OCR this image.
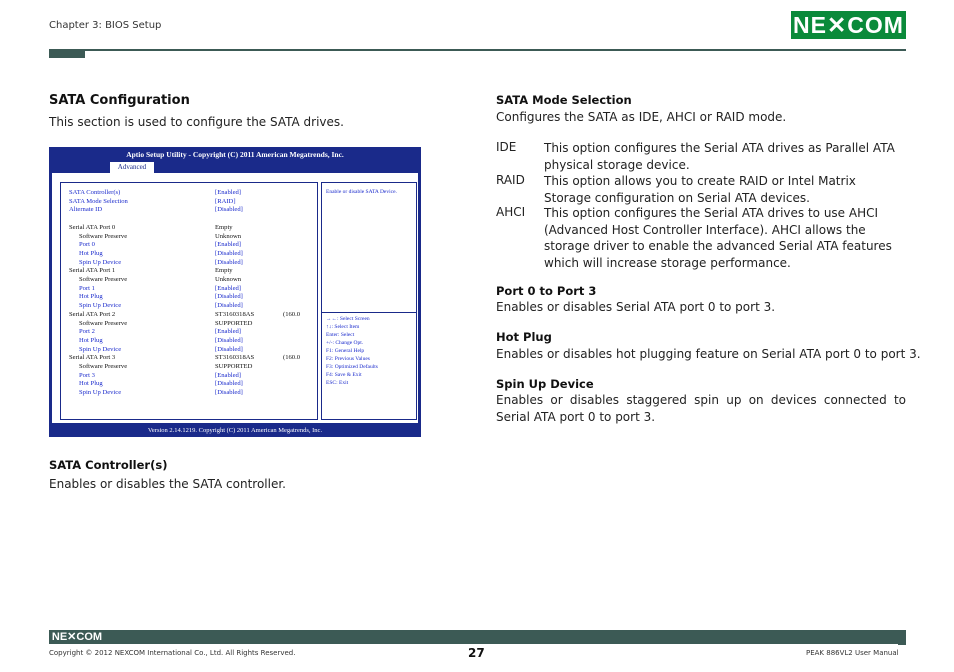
Chapter 3: BIOS Setup	NE✕COM
SATA Configuration
This section is used to configure the SATA drives.
Aptio Setup Utility - Copyright (C) 2011 American Megatrends, Inc.
Advanced
SATA Controller(s)	[Enabled]
SATA Mode Selection	[RAID]
Alternate ID	[Disabled]
Serial ATA Port 0	Empty
Software Preserve	Unknown
Port 0	[Enabled]
Hot Plug	[Disabled]
Spin Up Device	[Disabled]
Serial ATA Port 1	Empty
Software Preserve	Unknown
Port 1	[Enabled]
Hot Plug	[Disabled]
Spin Up Device	[Disabled]
Serial ATA Port 2	ST3160318AS	(160.0
Software Preserve	SUPPORTED
Port 2	[Enabled]
Hot Plug	[Disabled]
Spin Up Device	[Disabled]
Serial ATA Port 3	ST3160318AS	(160.0
Software Preserve	SUPPORTED
Port 3	[Enabled]
Hot Plug	[Disabled]
Spin Up Device	[Disabled]
Enable or disable SATA Device.
→←: Select Screen
↑↓: Select Item
Enter: Select
+/-: Change Opt.
F1: General Help
F2: Previous Values
F3: Optimized Defaults
F4: Save & Exit
ESC: Exit
Version 2.14.1219. Copyright (C) 2011 American Megatrends, Inc.
SATA Controller(s)
Enables or disables the SATA controller.
SATA Mode Selection
Configures the SATA as IDE, AHCI or RAID mode.
IDE This option configures the Serial ATA drives as Parallel ATA physical storage device.
RAID This option allows you to create RAID or Intel Matrix Storage configuration on Serial ATA devices.
AHCI This option configures the Serial ATA drives to use AHCI (Advanced Host Controller Interface). AHCI allows the storage driver to enable the advanced Serial ATA features which will increase storage performance.
Port 0 to Port 3
Enables or disables Serial ATA port 0 to port 3.
Hot Plug
Enables or disables hot plugging feature on Serial ATA port 0 to port 3.
Spin Up Device
Enables or disables staggered spin up on devices connected to Serial ATA port 0 to port 3.
NE✕COM
Copyright © 2012 NEXCOM International Co., Ltd. All Rights Reserved.	27	PEAK 886VL2 User Manual
